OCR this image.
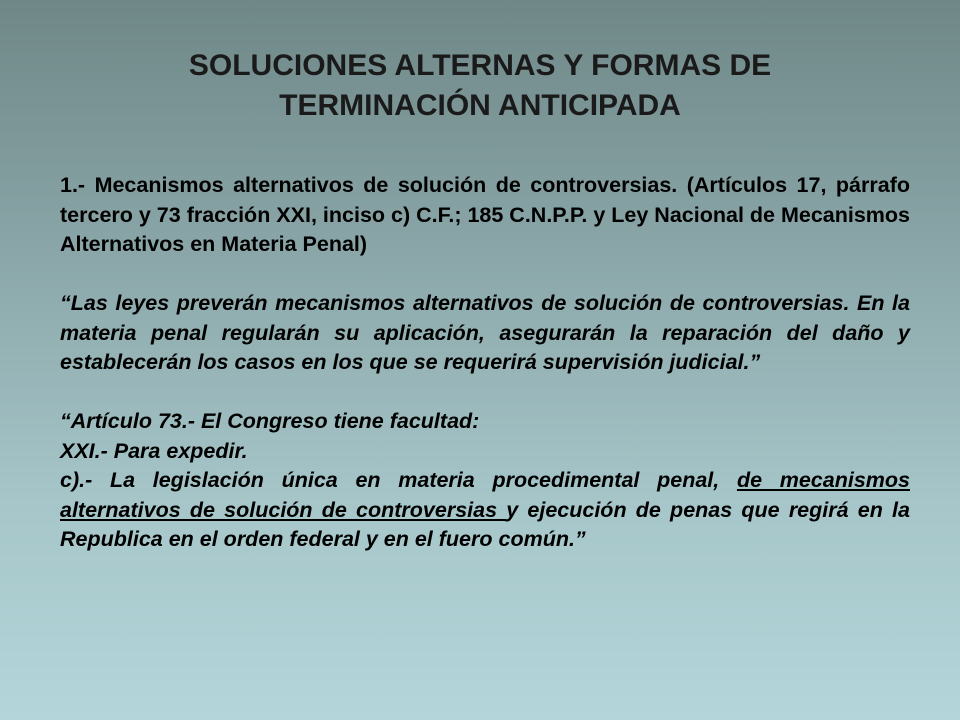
SOLUCIONES ALTERNAS Y FORMAS DE
TERMINACIÓN ANTICIPADA

1.- Mecanismos alternativos de solución de controversias. (Artículos 17, párrafo tercero y 73 fracción XXI, inciso c) C.F.; 185 C.N.P.P. y Ley Nacional de Mecanismos Alternativos en Materia Penal)

“Las leyes preverán mecanismos alternativos de solución de controversias. En la materia penal regularán su aplicación, asegurarán la reparación del daño y establecerán los casos en los que se requerirá supervisión judicial.”

“Artículo 73.- El Congreso tiene facultad:
XXI.- Para expedir.

c).- La legislación única en materia procedimental penal, de mecanismos alternativos de solución de controversias y ejecución de penas que regirá en la Republica en el orden federal y en el fuero común.”
